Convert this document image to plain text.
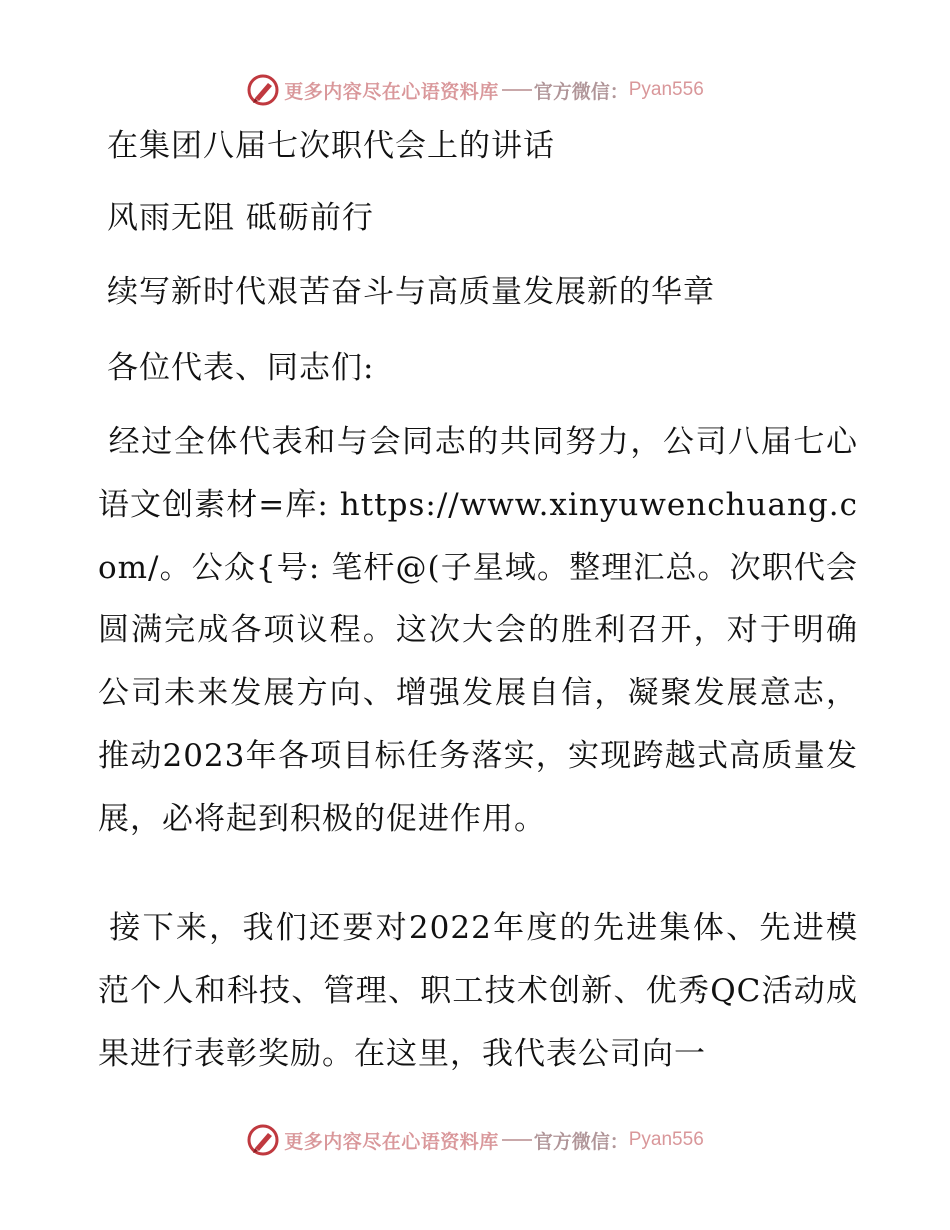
更多内容尽在心语资料库 官方微信： Pyan556
在集团八届七次职代会上的讲话
风雨无阻 砥砺前行
续写新时代艰苦奋斗与高质量发展新的华章
各位代表、同志们:
经过全体代表和与会同志的共同努力，公司八届七心语文创素材=库: https://www.xinyuwenchuang.com/。公众{号: 笔杆@(子星域。整理汇总。次职代会圆满完成各项议程。这次大会的胜利召开，对于明确公司未来发展方向、增强发展自信，凝聚发展意志，推动2023年各项目标任务落实，实现跨越式高质量发展，必将起到积极的促进作用。
接下来，我们还要对2022年度的先进集体、先进模范个人和科技、管理、职工技术创新、优秀QC活动成果进行表彰奖励。在这里，我代表公司向一
更多内容尽在心语资料库 官方微信： Pyan556
